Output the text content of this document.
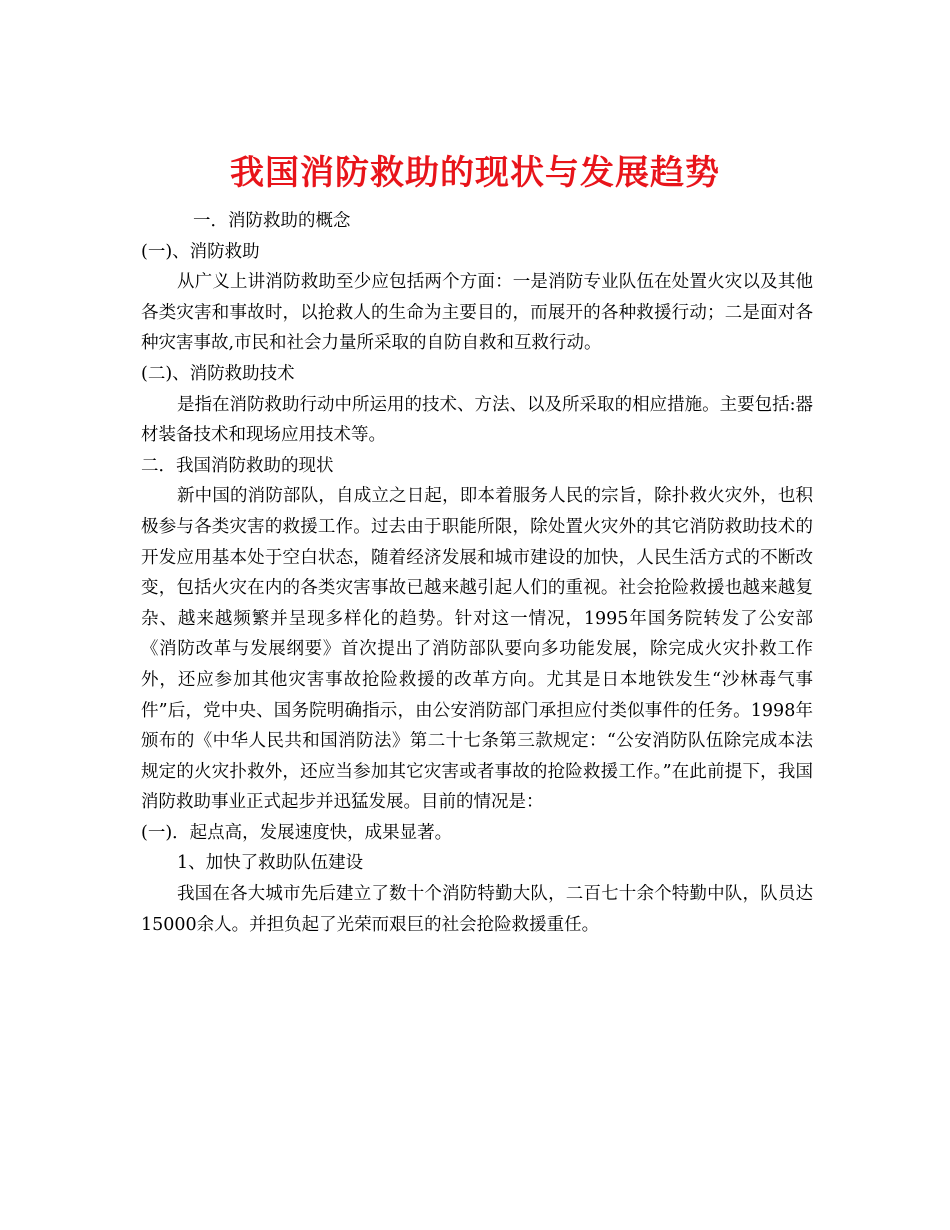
我国消防救助的现状与发展趋势

一．消防救助的概念

(一)、消防救助

从广义上讲消防救助至少应包括两个方面：一是消防专业队伍在处置火灾以及其他各类灾害和事故时，以抢救人的生命为主要目的，而展开的各种救援行动；二是面对各种灾害事故,市民和社会力量所采取的自防自救和互救行动。

(二)、消防救助技术

是指在消防救助行动中所运用的技术、方法、以及所采取的相应措施。主要包括:器材装备技术和现场应用技术等。

二．我国消防救助的现状

新中国的消防部队，自成立之日起，即本着服务人民的宗旨，除扑救火灾外，也积极参与各类灾害的救援工作。过去由于职能所限，除处置火灾外的其它消防救助技术的开发应用基本处于空白状态，随着经济发展和城市建设的加快，人民生活方式的不断改变，包括火灾在内的各类灾害事故已越来越引起人们的重视。社会抢险救援也越来越复杂、越来越频繁并呈现多样化的趋势。针对这一情况，1995年国务院转发了公安部《消防改革与发展纲要》首次提出了消防部队要向多功能发展，除完成火灾扑救工作外，还应参加其他灾害事故抢险救援的改革方向。尤其是日本地铁发生“沙林毒气事件”后，党中央、国务院明确指示，由公安消防部门承担应付类似事件的任务。1998年颁布的《中华人民共和国消防法》第二十七条第三款规定：“公安消防队伍除完成本法规定的火灾扑救外，还应当参加其它灾害或者事故的抢险救援工作。”在此前提下，我国消防救助事业正式起步并迅猛发展。目前的情况是：

(一)．起点高，发展速度快，成果显著。

1、加快了救助队伍建设

我国在各大城市先后建立了数十个消防特勤大队，二百七十余个特勤中队，队员达15000余人。并担负起了光荣而艰巨的社会抢险救援重任。
